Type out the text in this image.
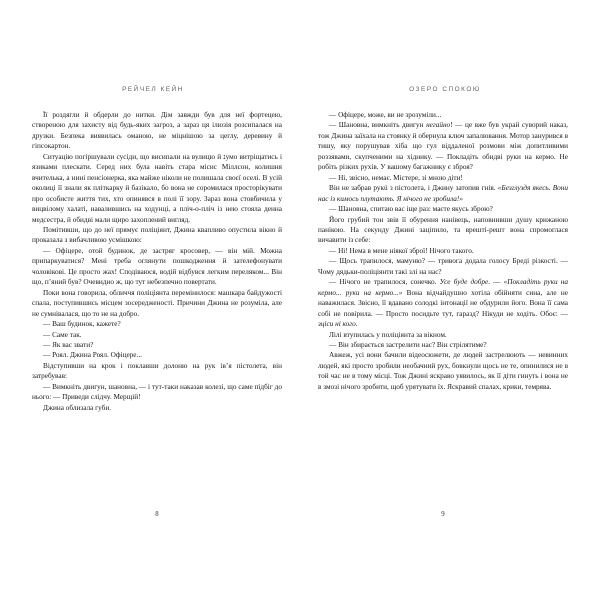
РЕЙЧЕЛ КЕЙН

Її роздягли й обдерли до нитки. Дім завжди був для неї фортецею, створеною для захисту від будь-яких загроз, а зараз ця ілюзія розсипалася на друзки. Безпека виявилась оманою, не міцнішою за цеглу, деревину й гіпсокартон.

Ситуацію погіршували сусіди, що висипали на вулицю й נумо витріщатись і язиками плескати. Серед них була навіть стара місис Міллсон, колишня вчителька, а нині пенсіонерка, яка майже ніколи не полишала своєї оселі. В усій околиці її знали як пліткарку й базікало, бо вона не соромилася просторікувати про особисте життя тих, хто опинявся в полі її зору. Зараз вона стовбичила у вицвілому халаті, навалившись на ходунці, а пліч-о-пліч із нею стояла денна медсестра, й обидві мали щиро захоплений вигляд.

Помітивши, що до неї прямує поліціянт, Джина квапливо опустила вікно й проказала з вибачливою усмішкою:

— Офіцере, отой будинок, де застряг кросовер, — він мій. Можна припаркуватися? Мені треба оглянути пошкодження й зателефонувати чоловікові. Це просто жах! Сподіваюся, водій відбувся легким переляком... Він що, п’яний був? Очевидно ж, що тут небезпечно повертати.

Поки вона говорила, обличчя поліціянта перемінилося: машкара байдужості спала, поступившись місцем зосередженості. Причини Джина не розуміла, але не сумнівалася, що то не на добро.

— Ваш будинок, кажете?

— Саме так.

— Як вас звати?

— Роял. Джина Роял. Офіцере...

Відступивши на крок і поклавши долоню на рук ів’я пістолета, він затребував:

— Вимкніть двигун, шановна, — і тут-таки наказав колезі, що саме підбіг до нього: — Приведи слідчу. Мерщій!

Джина облизала губи.

8
ОЗЕРО СПОКОЮ

— Офіцере, може, ви не зрозуміли...

— Шановна, вимкніть двигун негайно! — це вже був украй суворий наказ, тож Джина заїхала на стоянку й обернула ключ запалювання. Мотор занурився в тишу, яку порушував хіба що гул віддаленої розмови між допитливими роззявами, скупченими на хіднику. — Покладіть обидві руки на кермо. Не робіть різких рухів. У вашому багажнику є зброя?

— Ні, звісно, немає. Містере, зі мною діти!

Він не забрав рукú з пістолета, і Джину затопив гнів. «Безглуздя якесь. Вони нас із кимось плутають. Я нічого не зробила!»

— Шановна, спитаю вас іще раз: маєте якусь зброю?

Його грубий тон звів її обурення нанівець, наповнивши душу крижаною панікою. На секунду Джині заціпило, та врешті-решт вона спромоглася вичавити із себе:

— Ні! Нема в мене ніякої зброї! Нічого такого.

— Щось трапилося, мамуню? — тривога додала голосу Бреді різкості. — Чому дядьки-поліціянти такі злі на нас?

— Нічого не трапилося, сонечко. Усе буде добре. — «Покладіть руки на кермо... руки на кермо...» Вона відчайдушно хотіла обійняти сина, але не наважилася. Звісно, її вдавано солодкі інтонації не обдурили його. Вона її сама собі не повірила. — Просто посидьте тут, гаразд? Нікуди не ходіть. Обоє: — зціси ні кого.

Лілі втупилась у поліціянта за вікном.

— Він збирається застрелити нас? Він стрілятиме?

Авжеж, усі вони бачили відеосюжети, де людей застрелюють — невинних людей, які просто зробили необачний рух, бовкнули щось не те, опинилися не в той час не в тому місці. Тож Джині яскраво уявилось, як її діти гинуть і вона не в змозі нічого зробити, щоб урятувати їх. Яскравий спалах, крики, темрява.

9
